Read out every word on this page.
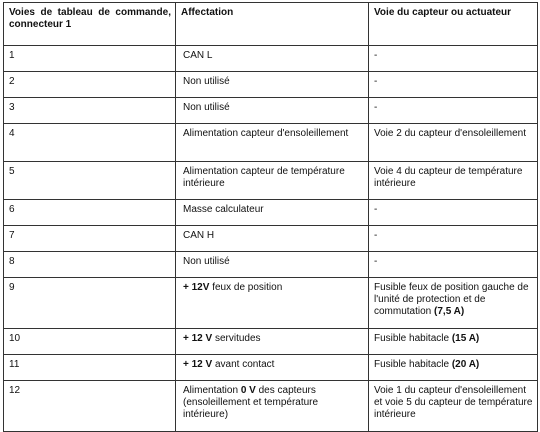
Voies de tableau de commande, connecteur 1	Affectation	Voie du capteur ou actuateur
1	CAN L	-
2	Non utilisé	-
3	Non utilisé	-
4	Alimentation capteur d'ensoleillement	Voie 2 du capteur d'ensoleillement
5	Alimentation capteur de température intérieure	Voie 4 du capteur de température intérieure
6	Masse calculateur	-
7	CAN H	-
8	Non utilisé	-
9	+ 12V feux de position	Fusible feux de position gauche de l'unité de protection et de commutation (7,5 A)
10	+ 12 V servitudes	Fusible habitacle (15 A)
11	+ 12 V avant contact	Fusible habitacle (20 A)
12	Alimentation 0 V des capteurs (ensoleillement et température intérieure)	Voie 1 du capteur d'ensoleillement et voie 5 du capteur de température intérieure
